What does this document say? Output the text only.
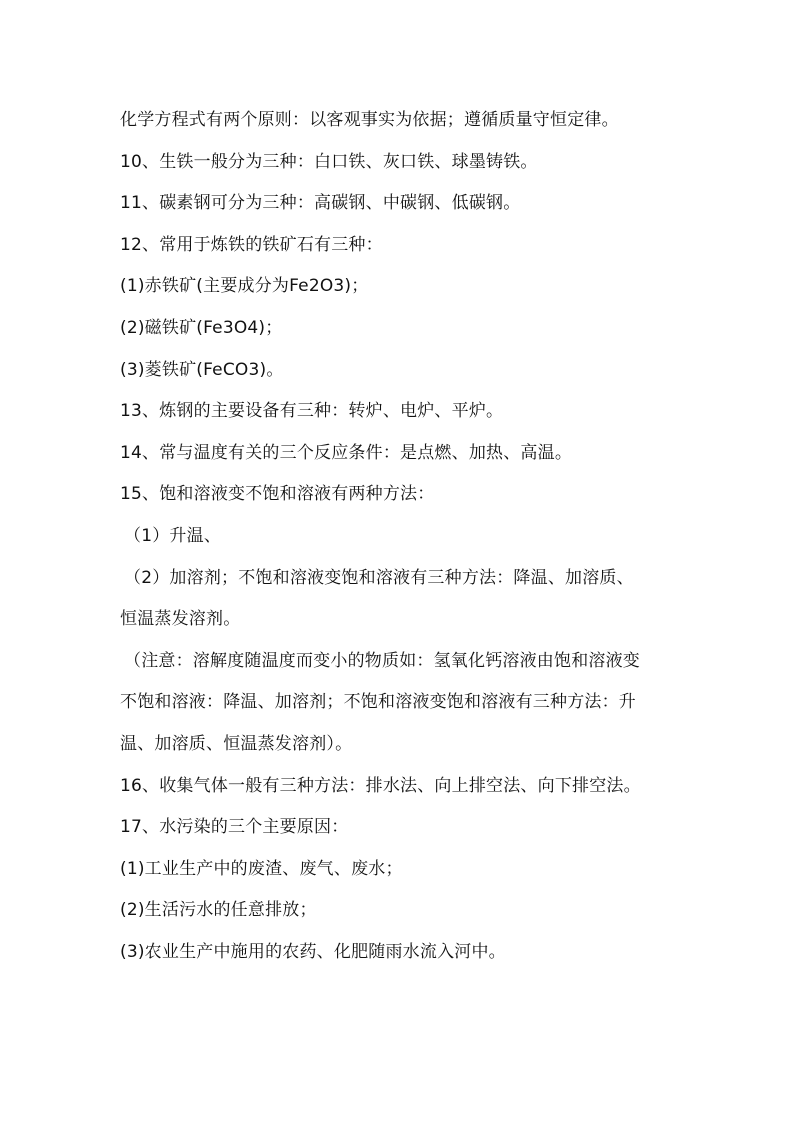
化学方程式有两个原则：以客观事实为依据；遵循质量守恒定律。
10、生铁一般分为三种：白口铁、灰口铁、球墨铸铁。
11、碳素钢可分为三种：高碳钢、中碳钢、低碳钢。
12、常用于炼铁的铁矿石有三种：
(1)赤铁矿(主要成分为Fe2O3)；
(2)磁铁矿(Fe3O4)；
(3)菱铁矿(FeCO3)。
13、炼钢的主要设备有三种：转炉、电炉、平炉。
14、常与温度有关的三个反应条件：是点燃、加热、高温。
15、饱和溶液变不饱和溶液有两种方法：
（1）升温、
（2）加溶剂；不饱和溶液变饱和溶液有三种方法：降温、加溶质、
恒温蒸发溶剂。
（注意：溶解度随温度而变小的物质如：氢氧化钙溶液由饱和溶液变
不饱和溶液：降温、加溶剂；不饱和溶液变饱和溶液有三种方法：升
温、加溶质、恒温蒸发溶剂）。
16、收集气体一般有三种方法：排水法、向上排空法、向下排空法。
17、水污染的三个主要原因：
(1)工业生产中的废渣、废气、废水；
(2)生活污水的任意排放；
(3)农业生产中施用的农药、化肥随雨水流入河中。
